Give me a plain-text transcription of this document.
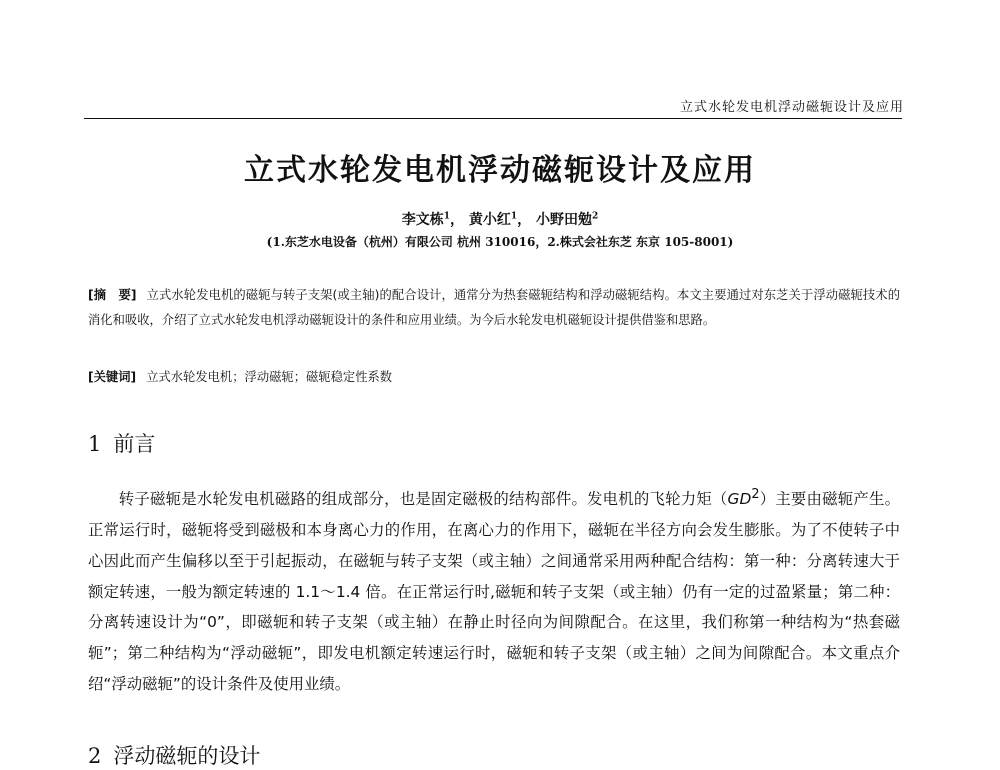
立式水轮发电机浮动磁轭设计及应用
立式水轮发电机浮动磁轭设计及应用
李文栋$^1$， 黄小红$^1$， 小野田勉$^2$
(1.东芝水电设备（杭州）有限公司 杭州 310016，2.株式会社东芝 东京 105-8001)
[摘　要] 立式水轮发电机的磁轭与转子支架(或主轴)的配合设计，通常分为热套磁轭结构和浮动磁轭结构。本文主要通过对东芝关于浮动磁轭技术的消化和吸收，介绍了立式水轮发电机浮动磁轭设计的条件和应用业绩。为今后水轮发电机磁轭设计提供借鉴和思路。
[关键词] 立式水轮发电机；浮动磁轭；磁轭稳定性系数
1 前言
转子磁轭是水轮发电机磁路的组成部分，也是固定磁极的结构部件。发电机的飞轮力矩$(GD^2)$主要由磁轭产生。正常运行时，磁轭将受到磁极和本身离心力的作用，在离心力的作用下，磁轭在半径方向会发生膨胀。为了不使转子中心因此而产生偏移以至于引起振动，在磁轭与转子支架（或主轴）之间通常采用两种配合结构：第一种：分离转速大于额定转速，一般为额定转速的 1.1～1.4 倍。在正常运行时,磁轭和转子支架（或主轴）仍有一定的过盈紧量；第二种：分离转速设计为“0”，即磁轭和转子支架（或主轴）在静止时径向为间隙配合。在这里，我们称第一种结构为“热套磁轭”；第二种结构为“浮动磁轭”，即发电机额定转速运行时，磁轭和转子支架（或主轴）之间为间隙配合。本文重点介绍“浮动磁轭”的设计条件及使用业绩。
2 浮动磁轭的设计
